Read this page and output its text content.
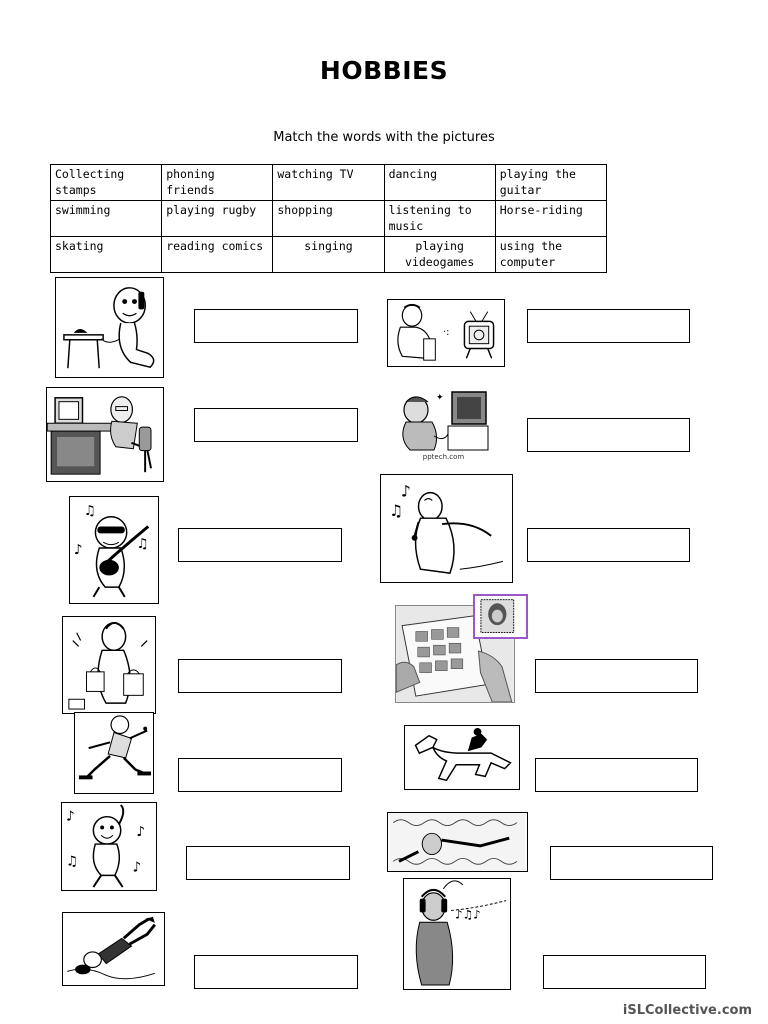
HOBBIES
Match the words with the pictures
Collecting stamps	phoning friends	watching TV	dancing	playing the guitar
swimming	playing rugby	shopping	listening to music	Horse-riding
skating	reading comics	singing	playing videogames	using the computer
♫
♪	♫
♪
♪
♫	♪
·:
✦
pptech.com
♪
♫
♪♫♪
iSLCollective.com
